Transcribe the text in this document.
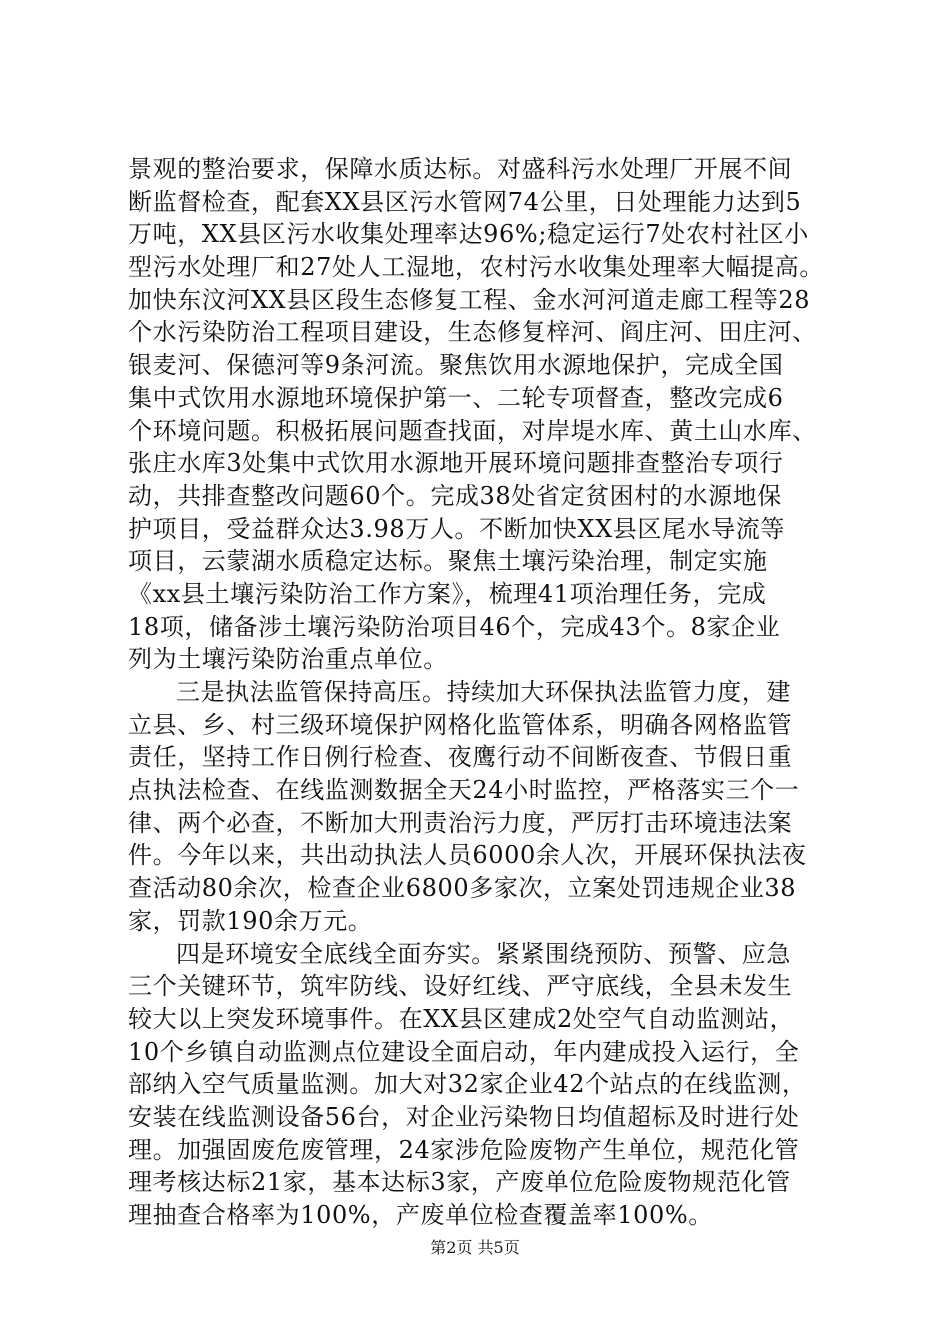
景观的整治要求，保障水质达标。对盛科污水处理厂开展不间
断监督检查，配套XX县区污水管网74公里，日处理能力达到5
万吨，XX县区污水收集处理率达96%;稳定运行7处农村社区小
型污水处理厂和27处人工湿地，农村污水收集处理率大幅提高。
加快东汶河XX县区段生态修复工程、金水河河道走廊工程等28
个水污染防治工程项目建设，生态修复梓河、阎庄河、田庄河、
银麦河、保德河等9条河流。聚焦饮用水源地保护，完成全国
集中式饮用水源地环境保护第一、二轮专项督查，整改完成6
个环境问题。积极拓展问题查找面，对岸堤水库、黄土山水库、
张庄水库3处集中式饮用水源地开展环境问题排查整治专项行
动，共排查整改问题60个。完成38处省定贫困村的水源地保
护项目，受益群众达3.98万人。不断加快XX县区尾水导流等
项目，云蒙湖水质稳定达标。聚焦土壤污染治理，制定实施
《xx县土壤污染防治工作方案》，梳理41项治理任务，完成
18项，储备涉土壤污染防治项目46个，完成43个。8家企业
列为土壤污染防治重点单位。
三是执法监管保持高压。持续加大环保执法监管力度，建
立县、乡、村三级环境保护网格化监管体系，明确各网格监管
责任，坚持工作日例行检查、夜鹰行动不间断夜查、节假日重
点执法检查、在线监测数据全天24小时监控，严格落实三个一
律、两个必查，不断加大刑责治污力度，严厉打击环境违法案
件。今年以来，共出动执法人员6000余人次，开展环保执法夜
查活动80余次，检查企业6800多家次，立案处罚违规企业38
家，罚款190余万元。
四是环境安全底线全面夯实。紧紧围绕预防、预警、应急
三个关键环节，筑牢防线、设好红线、严守底线，全县未发生
较大以上突发环境事件。在XX县区建成2处空气自动监测站，
10个乡镇自动监测点位建设全面启动，年内建成投入运行，全
部纳入空气质量监测。加大对32家企业42个站点的在线监测，
安装在线监测设备56台，对企业污染物日均值超标及时进行处
理。加强固废危废管理，24家涉危险废物产生单位，规范化管
理考核达标21家，基本达标3家，产废单位危险废物规范化管
理抽查合格率为100%，产废单位检查覆盖率100%。
第2页 共5页
